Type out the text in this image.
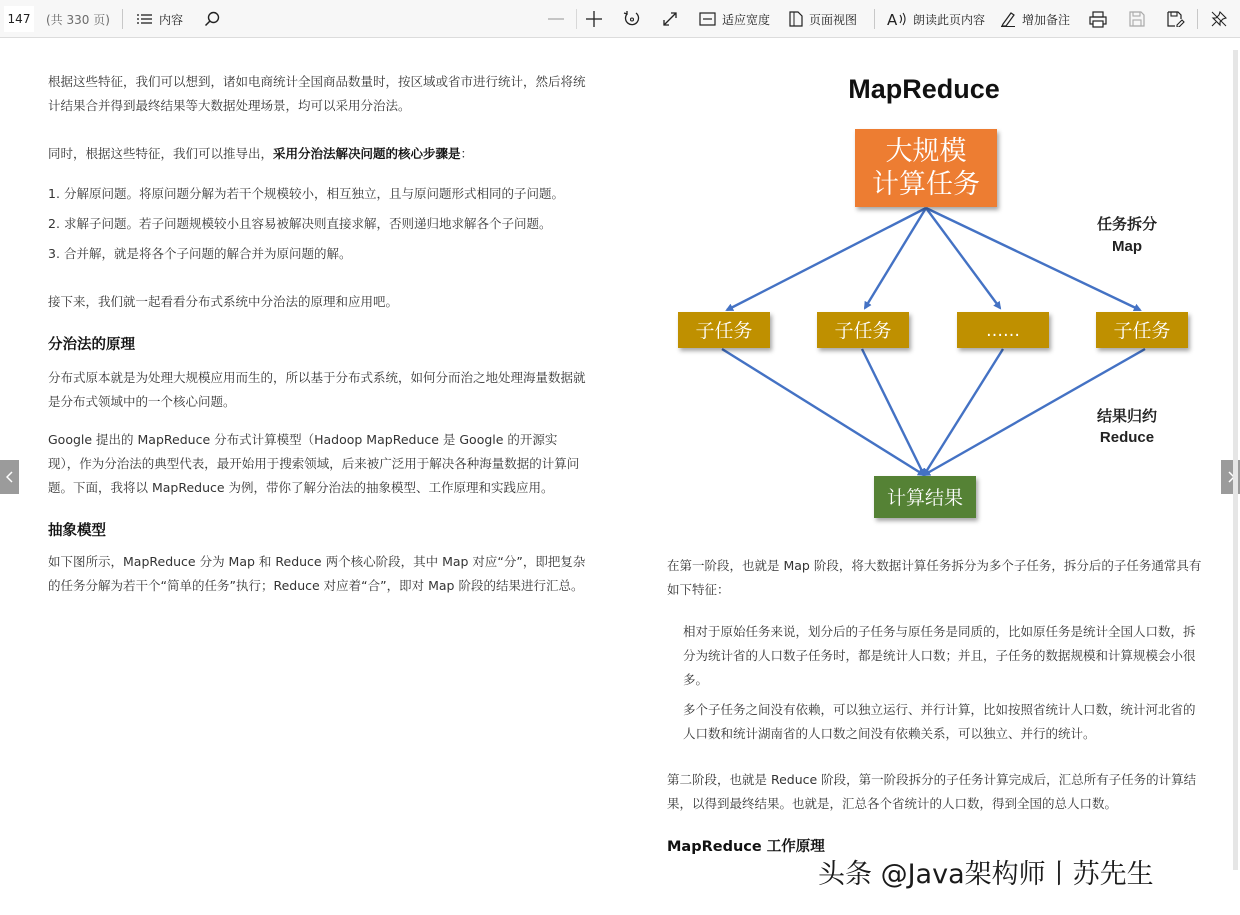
147 (共 330 页)	内容	适应宽度	页面视图 A 朗读此页内容	增加备注

根据这些特征，我们可以想到，诸如电商统计全国商品数量时，按区域或省市进行统计，然后将统计结果合并得到最终结果等大数据处理场景，均可以采用分治法。

同时，根据这些特征，我们可以推导出，采用分治法解决问题的核心步骤是：

1. 分解原问题。将原问题分解为若干个规模较小，相互独立，且与原问题形式相同的子问题。
2. 求解子问题。若子问题规模较小且容易被解决则直接求解，否则递归地求解各个子问题。
3. 合并解，就是将各个子问题的解合并为原问题的解。

接下来，我们就一起看看分布式系统中分治法的原理和应用吧。

分治法的原理

分布式原本就是为处理大规模应用而生的，所以基于分布式系统，如何分而治之地处理海量数据就是分布式领域中的一个核心问题。

Google 提出的 MapReduce 分布式计算模型（Hadoop MapReduce 是 Google 的开源实现），作为分治法的典型代表，最开始用于搜索领域，后来被广泛用于解决各种海量数据的计算问题。下面，我将以 MapReduce 为例，带你了解分治法的抽象模型、工作原理和实践应用。

抽象模型

如下图所示，MapReduce 分为 Map 和 Reduce 两个核心阶段，其中 Map 对应“分”，即把复杂的任务分解为若干个“简单的任务”执行；Reduce 对应着“合”，即对 Map 阶段的结果进行汇总。

MapReduce
大规模
计算任务
子任务	子任务	……	子任务
计算结果
任务拆分
Map
结果归约
Reduce

在第一阶段，也就是 Map 阶段，将大数据计算任务拆分为多个子任务，拆分后的子任务通常具有如下特征：

相对于原始任务来说，划分后的子任务与原任务是同质的，比如原任务是统计全国人口数，拆分为统计省的人口数子任务时，都是统计人口数；并且，子任务的数据规模和计算规模会小很多。

多个子任务之间没有依赖，可以独立运行、并行计算，比如按照省统计人口数，统计河北省的人口数和统计湖南省的人口数之间没有依赖关系，可以独立、并行的统计。

第二阶段，也就是 Reduce 阶段，第一阶段拆分的子任务计算完成后，汇总所有子任务的计算结果，以得到最终结果。也就是，汇总各个省统计的人口数，得到全国的总人口数。

MapReduce 工作原理
头条 @Java架构师丨苏先生
